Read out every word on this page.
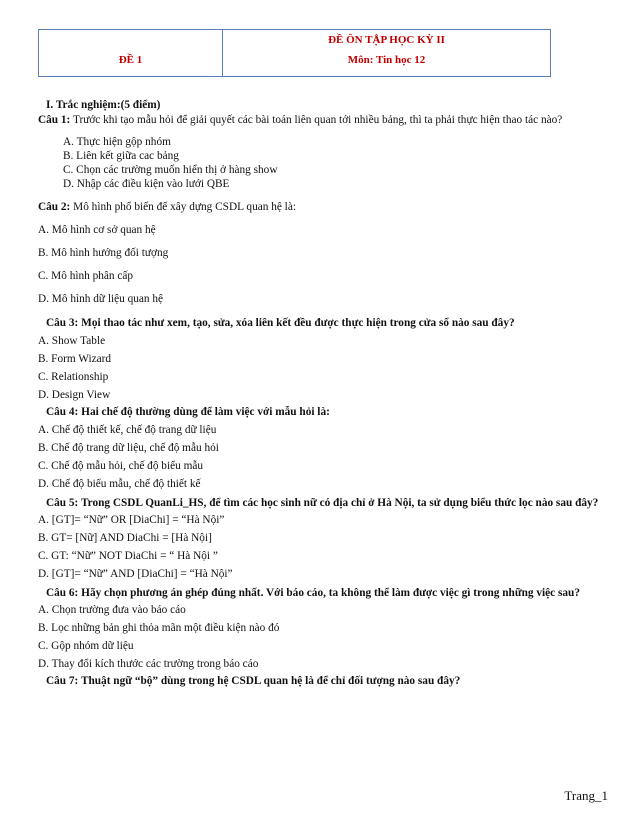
ĐỀ 1
ĐỀ ÔN TẬP HỌC KỲ II
Môn: Tin học 12
I. Trắc nghiệm:(5 điểm)

Câu 1: Trước khi tạo mẫu hỏi để giải quyết các bài toán liên quan tới nhiều bảng, thì ta phải thực hiện thao tác nào?

A. Thực hiện gộp nhóm

B. Liên kết giữa cac bảng

C. Chọn các trường muốn hiển thị ở hàng show

D. Nhập các điều kiện vào lưới QBE

Câu 2: Mô hình phổ biến để xây dựng CSDL quan hệ là:

A. Mô hình cơ sở quan hệ

B. Mô hình hướng đối tượng

C. Mô hình phân cấp

D. Mô hình dữ liệu quan hệ

Câu 3: Mọi thao tác như xem, tạo, sửa, xóa liên kết đều được thực hiện trong cửa sổ nào sau đây?

A. Show Table

B. Form Wizard

C. Relationship

D. Design View

Câu 4: Hai chế độ thường dùng để làm việc với mẫu hỏi là:

A. Chế độ thiết kế, chế độ trang dữ liệu

B. Chế độ trang dữ liệu, chế độ mẫu hỏi

C. Chế độ mẫu hỏi, chế độ biểu mẫu

D. Chế độ biểu mẫu, chế độ thiết kế

Câu 5: Trong CSDL QuanLi_HS, để tìm các học sinh nữ có địa chỉ ở Hà Nội, ta sử dụng biểu thức lọc nào sau đây?

A. [GT]= “Nữ” OR [DiaChi] = “Hà Nội”

B. GT= [Nữ] AND DiaChi = [Hà Nội]

C. GT: “Nữ” NOT DiaChi = “ Hà Nội ”

D. [GT]= “Nữ” AND [DiaChi] = “Hà Nội”

Câu 6: Hãy chọn phương án ghép đúng nhất. Với báo cáo, ta không thể làm được việc gì trong những việc sau?

A. Chọn trường đưa vào báo cáo

B. Lọc những bản ghi thỏa mãn một điều kiện nào đó

C. Gộp nhóm dữ liệu

D. Thay đổi kích thước các trường trong báo cáo

Câu 7: Thuật ngữ “bộ” dùng trong hệ CSDL quan hệ là để chỉ đối tượng nào sau đây?

Trang_1
